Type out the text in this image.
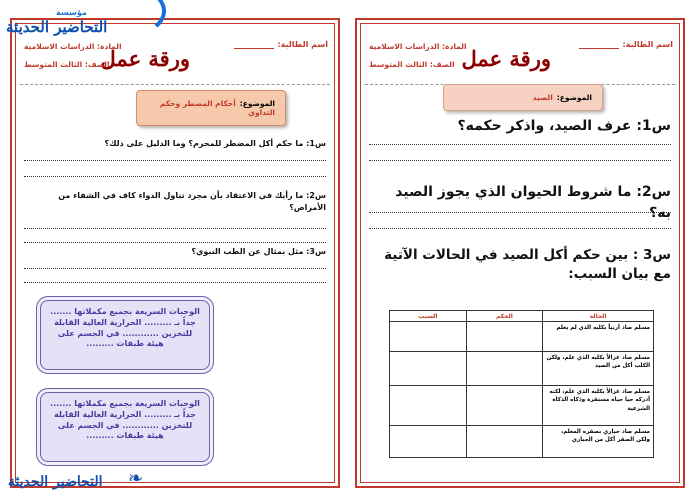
اسم الطالبة:
المادة: الدراسات الاسلامية
ورقة عمل
الصف: الثالث المتوسط
الموضوع:أحكام المضطر وحكم التداوي
س1: ما حكم أكل المضطر للمحرم؟ وما الدليل على ذلك؟
س2: ما رأيك في الاعتقاد بأن مجرد تناول الدواء كاف في الشفاء من الأمراض؟
س3: مثل بمثال عن الطب النبوي؟
الوجبات السريعة بجميع مكملاتها ....... جداً بـ ......... الحرارية العالية القابلة للتخزين ............ في الجسم على هيئة طبقات .........
الوجبات السريعة بجميع مكملاتها ....... جداً بـ ......... الحرارية العالية القابلة للتخزين ............ في الجسم على هيئة طبقات .........
اسم الطالبة:
المادة: الدراسات الاسلامية
ورقة عمل
الصف: الثالث المتوسط
الموضوع:الصيد
س1: عرف الصيد، واذكر حكمه؟
س2: ما شروط الحيوان الذي يجوز الصيد به؟
س3 : بين حكم أكل الصيد في الحالات الآتية مع بيان السبب:
الحالة	الحكم	السبب
مسلم صاد أرنباً بكلبه الذي لم يعلم		
مسلم صاد غزالاً بكلبه الذي علم، ولكن الكلب أكل من الصيد		
مسلم صاد غزالاً بكلبه الذي علم، لكنه أدركه حيا حياة مستقرة وذكاه الذكاة الشرعية		
مسلم صاد حباري بصقره المعلم، ولكن الصقر أكل من الحباري		
مؤسسة
التحاضير الحديثة
التحاضير الحديثة ❧
